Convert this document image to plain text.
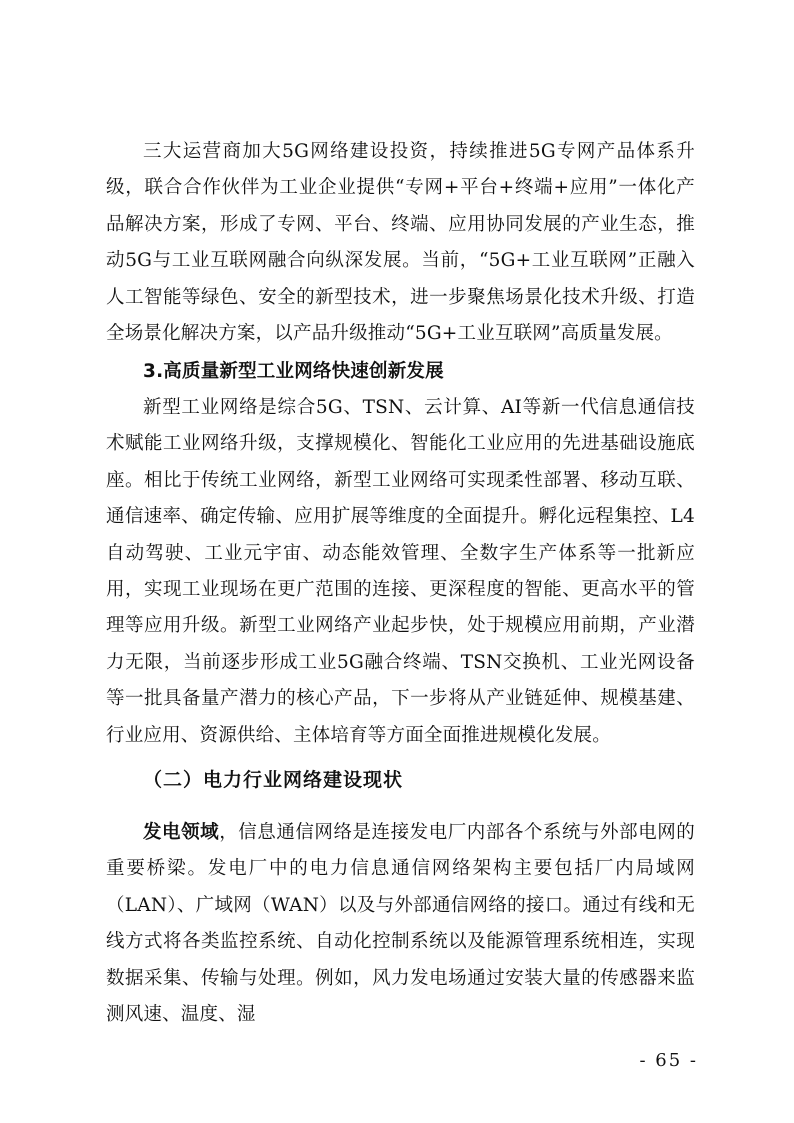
三大运营商加大5G网络建设投资，持续推进5G专网产品体系升级，联合合作伙伴为工业企业提供“专网+平台+终端+应用”一体化产品解决方案，形成了专网、平台、终端、应用协同发展的产业生态，推动5G与工业互联网融合向纵深发展。当前，“5G+工业互联网”正融入人工智能等绿色、安全的新型技术，进一步聚焦场景化技术升级、打造全场景化解决方案，以产品升级推动“5G+工业互联网”高质量发展。

3.高质量新型工业网络快速创新发展

新型工业网络是综合5G、TSN、云计算、AI等新一代信息通信技术赋能工业网络升级，支撑规模化、智能化工业应用的先进基础设施底座。相比于传统工业网络，新型工业网络可实现柔性部署、移动互联、通信速率、确定传输、应用扩展等维度的全面提升。孵化远程集控、L4自动驾驶、工业元宇宙、动态能效管理、全数字生产体系等一批新应用，实现工业现场在更广范围的连接、更深程度的智能、更高水平的管理等应用升级。新型工业网络产业起步快，处于规模应用前期，产业潜力无限，当前逐步形成工业5G融合终端、TSN交换机、工业光网设备等一批具备量产潜力的核心产品，下一步将从产业链延伸、规模基建、行业应用、资源供给、主体培育等方面全面推进规模化发展。

（二）电力行业网络建设现状

发电领域，信息通信网络是连接发电厂内部各个系统与外部电网的重要桥梁。发电厂中的电力信息通信网络架构主要包括厂内局域网（LAN）、广域网（WAN）以及与外部通信网络的接口。通过有线和无线方式将各类监控系统、自动化控制系统以及能源管理系统相连，实现数据采集、传输与处理。例如，风力发电场通过安装大量的传感器来监测风速、温度、湿

- 65 -
